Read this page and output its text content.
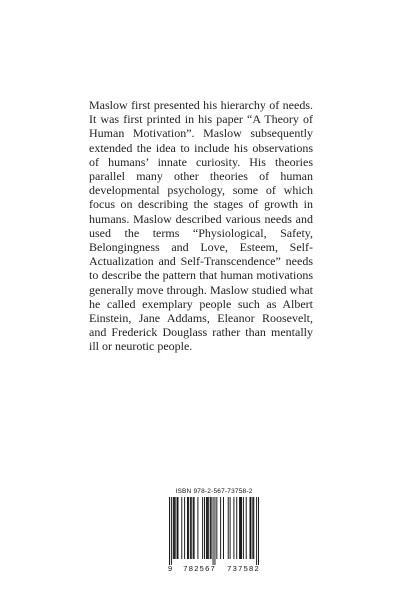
Maslow first presented his hierarchy of needs. It was first printed in his paper “A Theory of Human Motivation”. Maslow subsequently extended the idea to include his observations of humans’ innate curiosity. His theories parallel many other theories of human developmental psychology, some of which focus on describing the stages of growth in humans. Maslow described various needs and used the terms “Physiological, Safety, Belongingness and Love, Esteem, Self-Actualization and Self-Transcendence” needs to describe the pattern that human motivations generally move through. Maslow studied what he called exemplary people such as Albert Einstein, Jane Addams, Eleanor Roosevelt, and Frederick Douglass rather than mentally ill or neurotic people.

ISBN 978-2-567-73758-2
9 782567 737582
